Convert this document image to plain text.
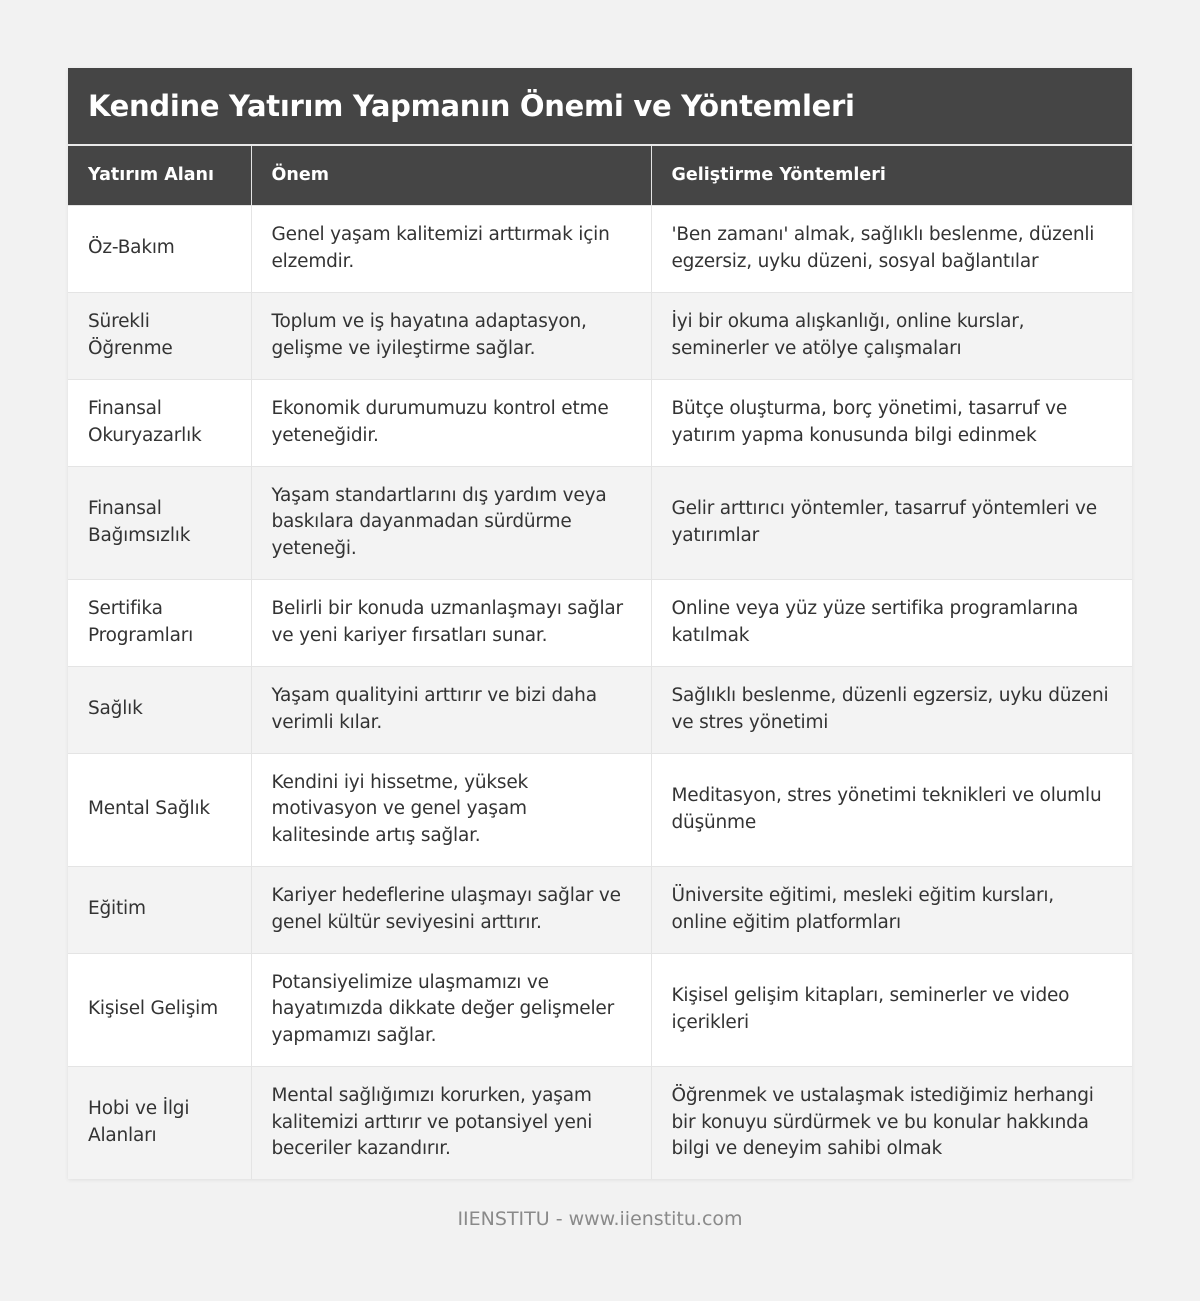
Kendine Yatırım Yapmanın Önemi ve Yöntemleri
Yatırım Alanı	Önem	Geliştirme Yöntemleri
Öz-Bakım	Genel yaşam kalitemizi arttırmak için elzemdir.	'Ben zamanı' almak, sağlıklı beslenme, düzenli egzersiz, uyku düzeni, sosyal bağlantılar
Sürekli Öğrenme	Toplum ve iş hayatına adaptasyon, gelişme ve iyileştirme sağlar.	İyi bir okuma alışkanlığı, online kurslar, seminerler ve atölye çalışmaları
Finansal Okuryazarlık	Ekonomik durumumuzu kontrol etme yeteneğidir.	Bütçe oluşturma, borç yönetimi, tasarruf ve yatırım yapma konusunda bilgi edinmek
Finansal Bağımsızlık	Yaşam standartlarını dış yardım veya baskılara dayanmadan sürdürme yeteneği.	Gelir arttırıcı yöntemler, tasarruf yöntemleri ve yatırımlar
Sertifika Programları	Belirli bir konuda uzmanlaşmayı sağlar ve yeni kariyer fırsatları sunar.	Online veya yüz yüze sertifika programlarına katılmak
Sağlık	Yaşam qualityini arttırır ve bizi daha verimli kılar.	Sağlıklı beslenme, düzenli egzersiz, uyku düzeni ve stres yönetimi
Mental Sağlık	Kendini iyi hissetme, yüksek motivasyon ve genel yaşam kalitesinde artış sağlar.	Meditasyon, stres yönetimi teknikleri ve olumlu düşünme
Eğitim	Kariyer hedeflerine ulaşmayı sağlar ve genel kültür seviyesini arttırır.	Üniversite eğitimi, mesleki eğitim kursları, online eğitim platformları
Kişisel Gelişim	Potansiyelimize ulaşmamızı ve hayatımızda dikkate değer gelişmeler yapmamızı sağlar.	Kişisel gelişim kitapları, seminerler ve video içerikleri
Hobi ve İlgi Alanları	Mental sağlığımızı korurken, yaşam kalitemizi arttırır ve potansiyel yeni beceriler kazandırır.	Öğrenmek ve ustalaşmak istediğimiz herhangi bir konuyu sürdürmek ve bu konular hakkında bilgi ve deneyim sahibi olmak
IIENSTITU - www.iienstitu.com
